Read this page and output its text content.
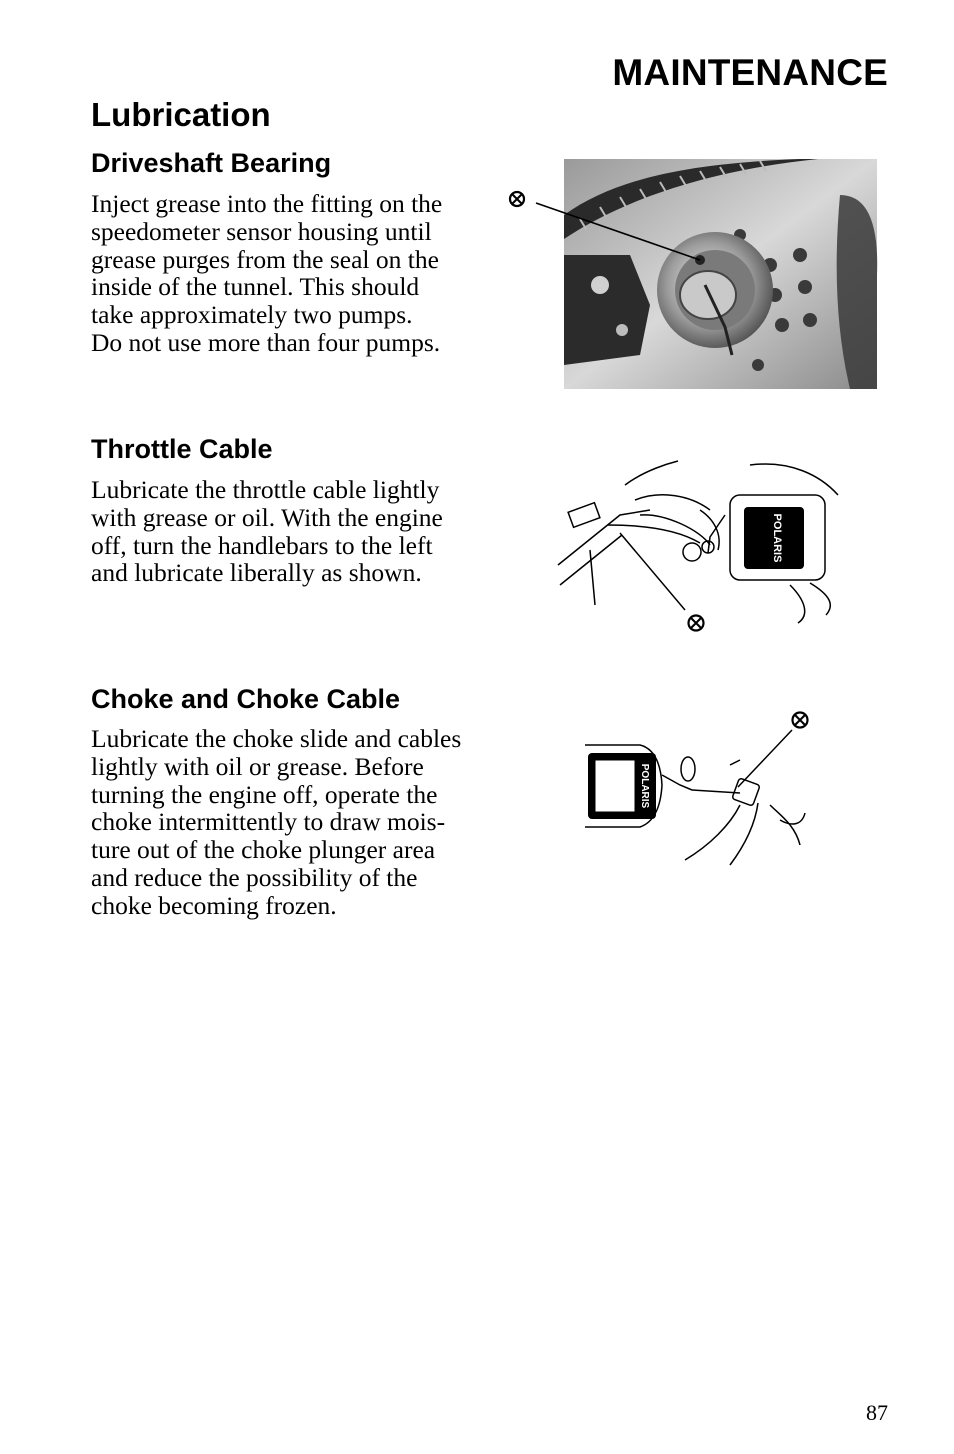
MAINTENANCE
Lubrication
Driveshaft Bearing

Inject grease into the fitting on the
speedometer sensor housing until
grease purges from the seal on the
inside of the tunnel. This should
take approximately two pumps.
Do not use more than four pumps.

Throttle Cable

Lubricate the throttle cable lightly
with grease or oil. With the engine
off, turn the handlebars to the left
and lubricate liberally as shown.

POLARIS
Choke and Choke Cable

Lubricate the choke slide and cables
lightly with oil or grease. Before
turning the engine off, operate the
choke intermittently to draw mois-
ture out of the choke plunger area
and reduce the possibility of the
choke becoming frozen.

POLARIS
87
